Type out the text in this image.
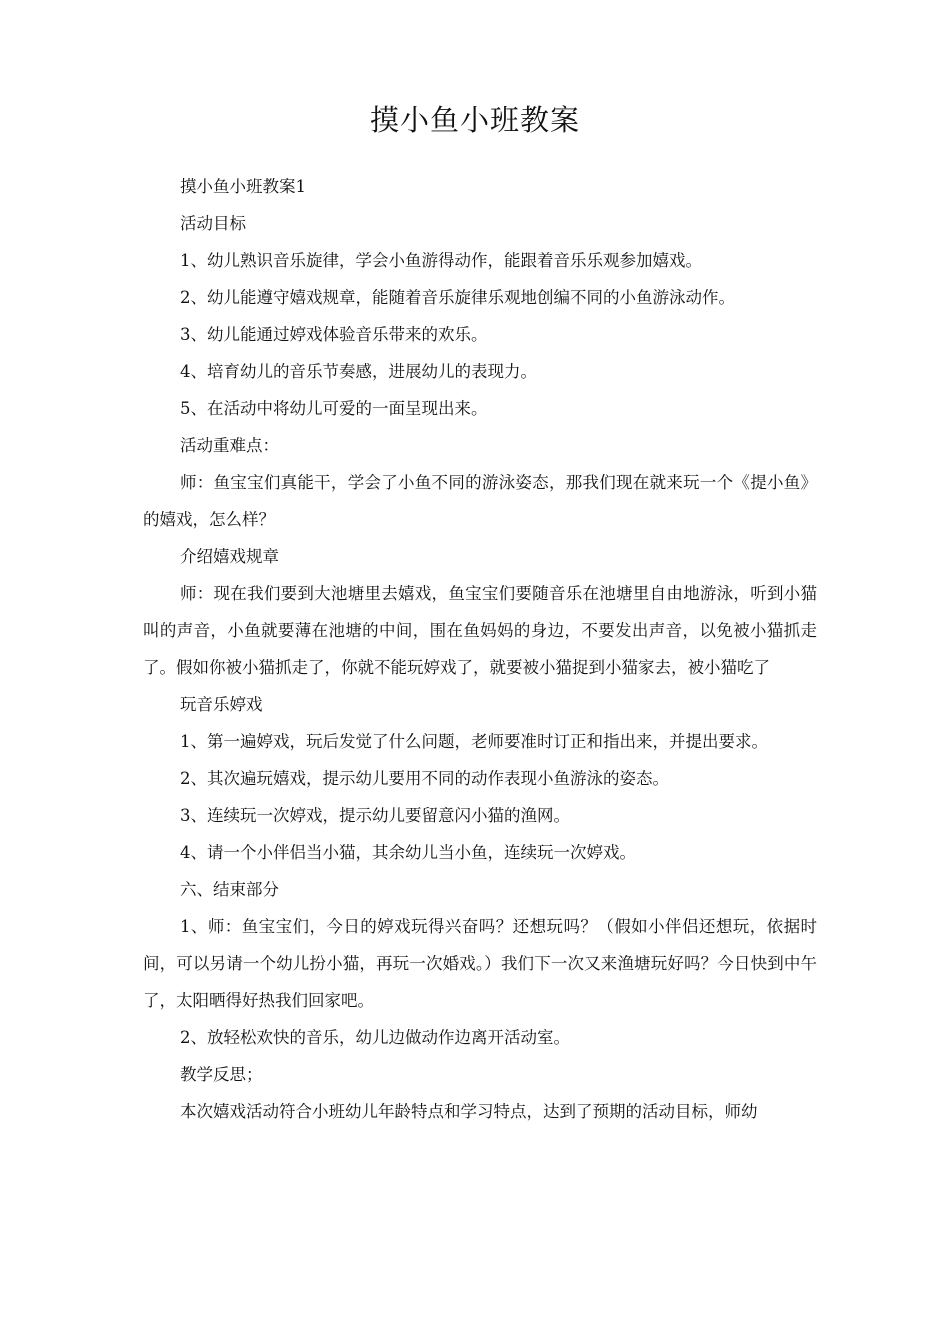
摸小鱼小班教案

摸小鱼小班教案1

活动目标

1、幼儿熟识音乐旋律，学会小鱼游得动作，能跟着音乐乐观参加嬉戏。

2、幼儿能遵守嬉戏规章，能随着音乐旋律乐观地创编不同的小鱼游泳动作。

3、幼儿能通过婷戏体验音乐带来的欢乐。

4、培育幼儿的音乐节奏感，进展幼儿的表现力。

5、在活动中将幼儿可爱的一面呈现出来。

活动重难点：

师：鱼宝宝们真能干，学会了小鱼不同的游泳姿态，那我们现在就来玩一个《提小鱼》的嬉戏，怎么样？

介绍嬉戏规章

师：现在我们要到大池塘里去嬉戏，鱼宝宝们要随音乐在池塘里自由地游泳，听到小猫叫的声音，小鱼就要薄在池塘的中间，围在鱼妈妈的身边，不要发出声音，以免被小猫抓走了。假如你被小猫抓走了，你就不能玩婷戏了，就要被小猫捉到小猫家去，被小猫吃了

玩音乐婷戏

1、第一遍婷戏，玩后发觉了什么问题，老师要准时订正和指出来，并提出要求。

2、其次遍玩嬉戏，提示幼儿要用不同的动作表现小鱼游泳的姿态。

3、连续玩一次婷戏，提示幼儿要留意闪小猫的渔网。

4、请一个小伴侣当小猫，其余幼儿当小鱼，连续玩一次婷戏。

六、结束部分

1、师：鱼宝宝们，今日的婷戏玩得兴奋吗？还想玩吗？（假如小伴侣还想玩，依据时间，可以另请一个幼儿扮小猫，再玩一次婚戏。）我们下一次又来渔塘玩好吗？今日快到中午了，太阳晒得好热我们回家吧。

2、放轻松欢快的音乐，幼儿边做动作边离开活动室。

教学反思；

本次嬉戏活动符合小班幼儿年龄特点和学习特点，达到了预期的活动目标，师幼
